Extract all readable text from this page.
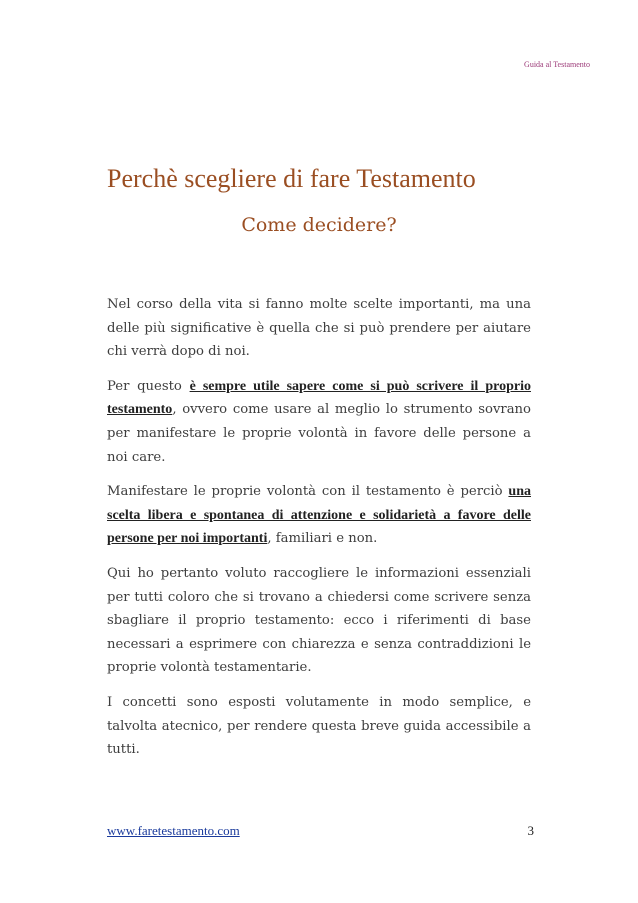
Guida al Testamento
Perchè scegliere di fare Testamento
Come decidere?

Nel corso della vita si fanno molte scelte importanti, ma una delle più significative è quella che si può prendere per aiutare chi verrà dopo di noi.

Per questo è sempre utile sapere come si può scrivere il proprio testamento, ovvero come usare al meglio lo strumento sovrano per manifestare le proprie volontà in favore delle persone a noi care.

Manifestare le proprie volontà con il testamento è perciò una scelta libera e spontanea di attenzione e solidarietà a favore delle persone per noi importanti, familiari e non.

Qui ho pertanto voluto raccogliere le informazioni essenziali per tutti coloro che si trovano a chiedersi come scrivere senza sbagliare il proprio testamento: ecco i riferimenti di base necessari a esprimere con chiarezza e senza contraddizioni le proprie volontà testamentarie.

I concetti sono esposti volutamente in modo semplice, e talvolta atecnico, per rendere questa breve guida accessibile a tutti.

www.faretestamento.com	3
